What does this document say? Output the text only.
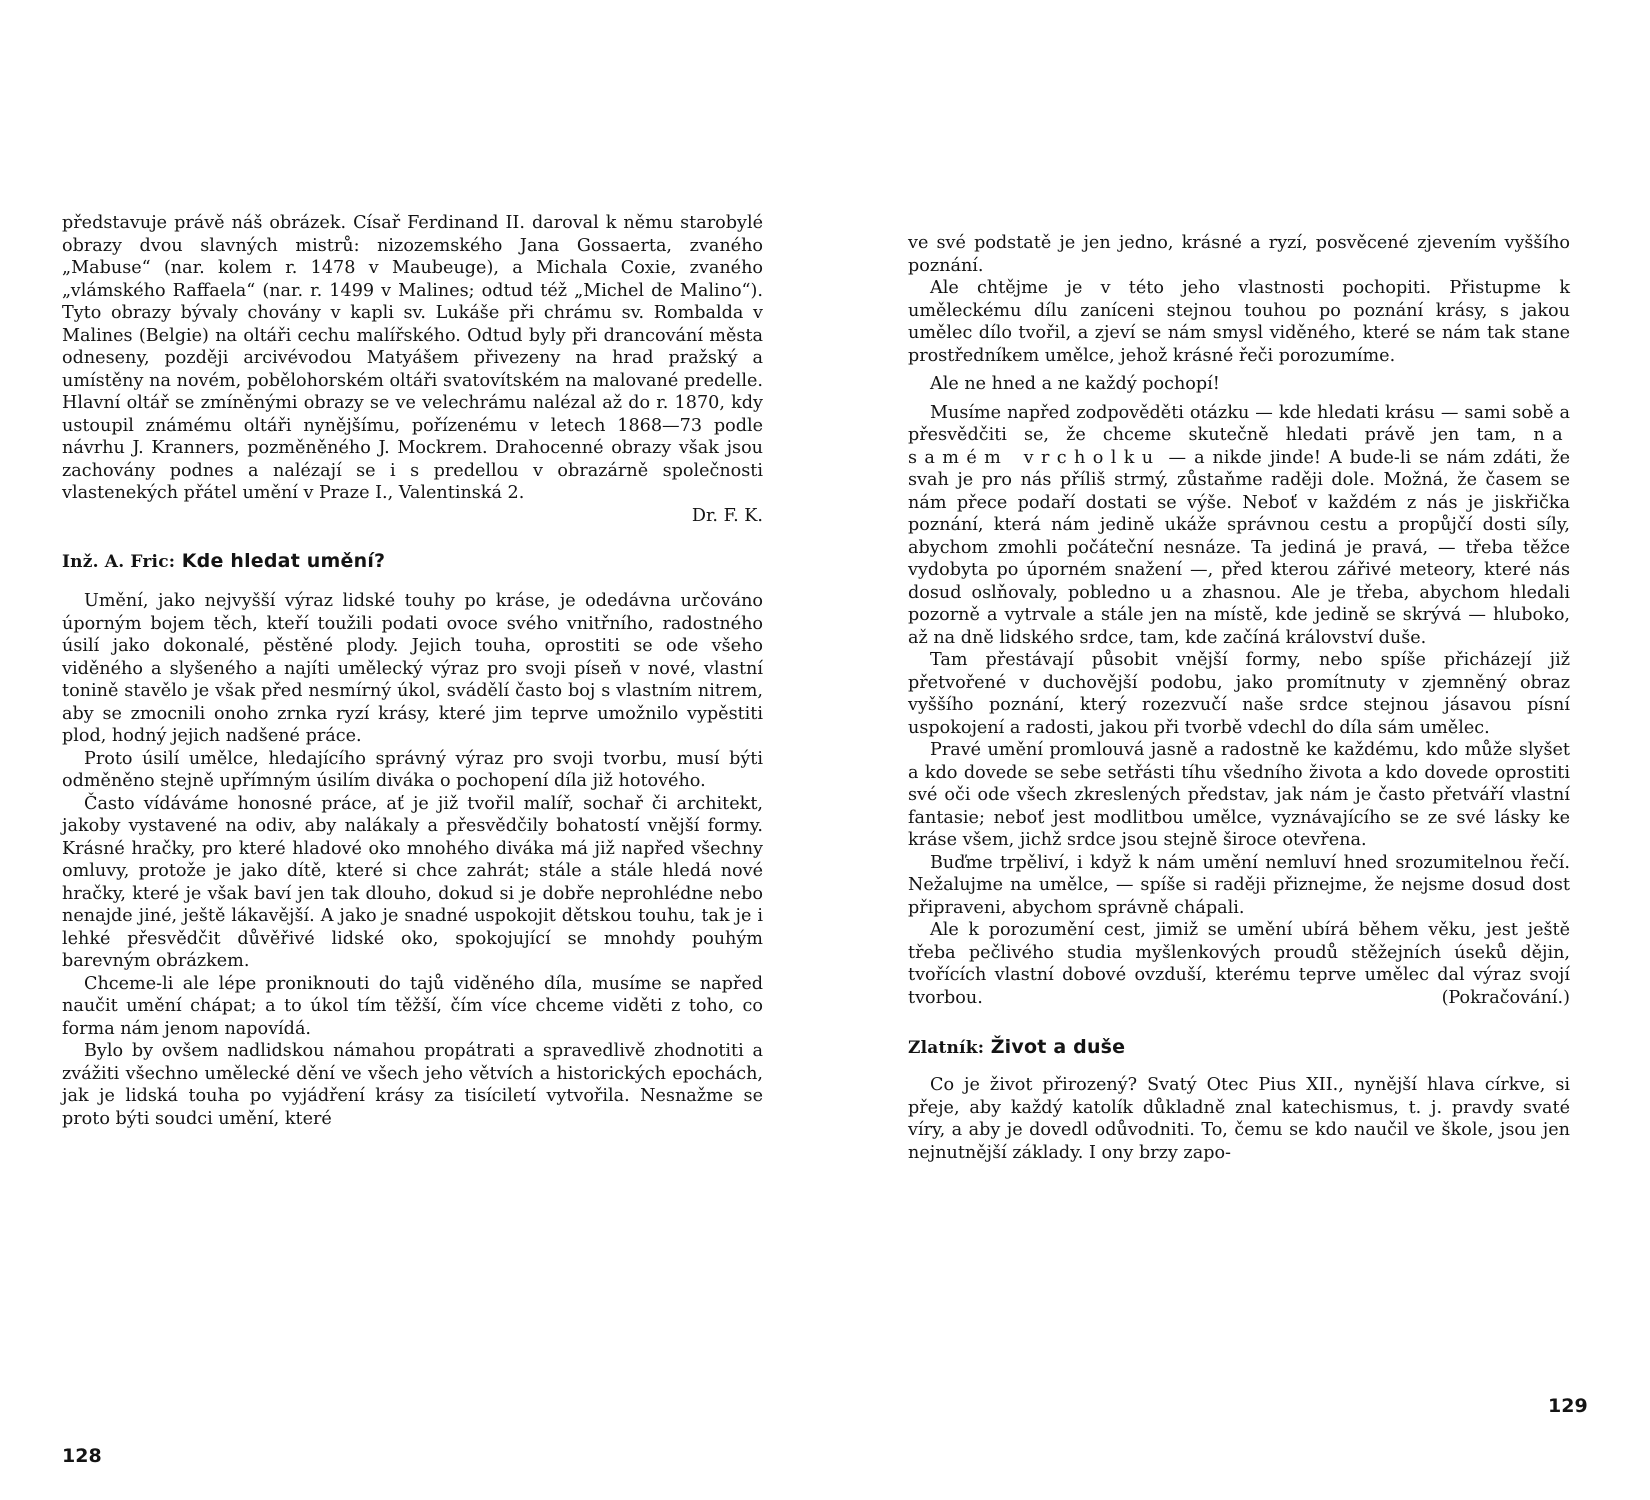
představuje právě náš obrázek. Císař Ferdinand II. daroval k němu starobylé obrazy dvou slavných mistrů: nizozemského Jana Gossaerta, zvaného „Mabuse“ (nar. kolem r. 1478 v Maubeuge), a Michala Coxie, zvaného „vlámského Raffaela“ (nar. r. 1499 v Malines; odtud též „Michel de Malino“). Tyto obrazy bývaly chovány v kapli sv. Lukáše při chrámu sv. Rombalda v Malines (Belgie) na oltáři cechu malířského. Odtud byly při drancování města odneseny, později arcivévodou Matyášem přivezeny na hrad pražský a umístěny na novém, pobělohorském oltáři svatovítském na malované predelle. Hlavní oltář se zmíněnými obrazy se ve velechrámu nalézal až do r. 1870, kdy ustoupil známému oltáři nynějšímu, pořízenému v letech 1868—73 podle návrhu J. Kranners, pozměněného J. Mockrem. Drahocenné obrazy však jsou zachovány podnes a nalézají se i s predellou v obrazárně společnosti vlastenekých přátel umění v Praze I., Valentinská 2.

Dr. F. K.
Inž. A. Fric: Kde hledat umění?

Umění, jako nejvyšší výraz lidské touhy po kráse, je odedávna určováno úporným bojem těch, kteří toužili podati ovoce svého vnitřního, radostného úsilí jako dokonalé, pěstěné plody. Jejich touha, oprostiti se ode všeho viděného a slyšeného a najíti umělecký výraz pro svoji píseň v nové, vlastní tonině stavělo je však před nesmírný úkol, svádělí často boj s vlastním nitrem, aby se zmocnili onoho zrnka ryzí krásy, které jim teprve umožnilo vypěstiti plod, hodný jejich nadšené práce.

Proto úsilí umělce, hledajícího správný výraz pro svoji tvorbu, musí býti odměněno stejně upřímným úsilím diváka o pochopení díla již hotového.

Často vídáváme honosné práce, ať je již tvořil malíř, sochař či architekt, jakoby vystavené na odiv, aby nalákaly a přesvědčily bohatostí vnější formy. Krásné hračky, pro které hladové oko mnohého diváka má již napřed všechny omluvy, protože je jako dítě, které si chce zahrát; stále a stále hledá nové hračky, které je však baví jen tak dlouho, dokud si je dobře neprohlédne nebo nenajde jiné, ještě lákavější. A jako je snadné uspokojit dětskou touhu, tak je i lehké přesvědčit důvěřivé lidské oko, spokojující se mnohdy pouhým barevným obrázkem.

Chceme-li ale lépe proniknouti do tajů viděného díla, musíme se napřed naučit umění chápat; a to úkol tím těžší, čím více chceme viděti z toho, co forma nám jenom napovídá.

Bylo by ovšem nadlidskou námahou propátrati a spravedlivě zhodnotiti a zvážiti všechno umělecké dění ve všech jeho větvích a historických epochách, jak je lidská touha po vyjádření krásy za tisíciletí vytvořila. Nesnažme se proto býti soudci umění, které

128

ve své podstatě je jen jedno, krásné a ryzí, posvěcené zjevením vyššího poznání.

Ale chtějme je v této jeho vlastnosti pochopiti. Přistupme k uměleckému dílu zaníceni stejnou touhou po poznání krásy, s jakou umělec dílo tvořil, a zjeví se nám smysl viděného, které se nám tak stane prostředníkem umělce, jehož krásné řeči porozumíme.

Ale ne hned a ne každý pochopí!

Musíme napřed zodpověděti otázku — kde hledati krásu — sami sobě a přesvědčiti se, že chceme skutečně hledati právě jen tam, na samém vrcholku — a nikde jinde! A bude-li se nám zdáti, že svah je pro nás příliš strmý, zůstaňme raději dole. Možná, že časem se nám přece podaří dostati se výše. Neboť v každém z nás je jiskřička poznání, která nám jedině ukáže správnou cestu a propůjčí dosti síly, abychom zmohli počáteční nesnáze. Ta jediná je pravá, — třeba těžce vydobyta po úporném snažení —, před kterou zářivé meteory, které nás dosud oslňovaly, pobledno u a zhasnou. Ale je třeba, abychom hledali pozorně a vytrvale a stále jen na místě, kde jedině se skrývá — hluboko, až na dně lidského srdce, tam, kde začíná království duše.

Tam přestávají působit vnější formy, nebo spíše přicházejí již přetvořené v duchovější podobu, jako promítnuty v zjemněný obraz vyššího poznání, který rozezvučí naše srdce stejnou jásavou písní uspokojení a radosti, jakou při tvorbě vdechl do díla sám umělec.

Pravé umění promlouvá jasně a radostně ke každému, kdo může slyšet a kdo dovede se sebe setřásti tíhu všedního života a kdo dovede oprostiti své oči ode všech zkreslených představ, jak nám je často přetváří vlastní fantasie; neboť jest modlitbou umělce, vyznávajícího se ze své lásky ke kráse všem, jichž srdce jsou stejně široce otevřena.

Buďme trpěliví, i když k nám umění nemluví hned srozumitelnou řečí. Nežalujme na umělce, — spíše si raději přiznejme, že nejsme dosud dost připraveni, abychom správně chápali.

Ale k porozumění cest, jimiž se umění ubírá během věku, jest ještě třeba pečlivého studia myšlenkových proudů stěžejních úseků dějin, tvořících vlastní dobové ovzduší, kterému teprve umělec dal výraz svojí tvorbou.	(Pokračování.)

Zlatník: Život a duše

Co je život přirozený? Svatý Otec Pius XII., nynější hlava církve, si přeje, aby každý katolík důkladně znal katechismus, t. j. pravdy svaté víry, a aby je dovedl odůvodniti. To, čemu se kdo naučil ve škole, jsou jen nejnutnější základy. I ony brzy zapo-

129
